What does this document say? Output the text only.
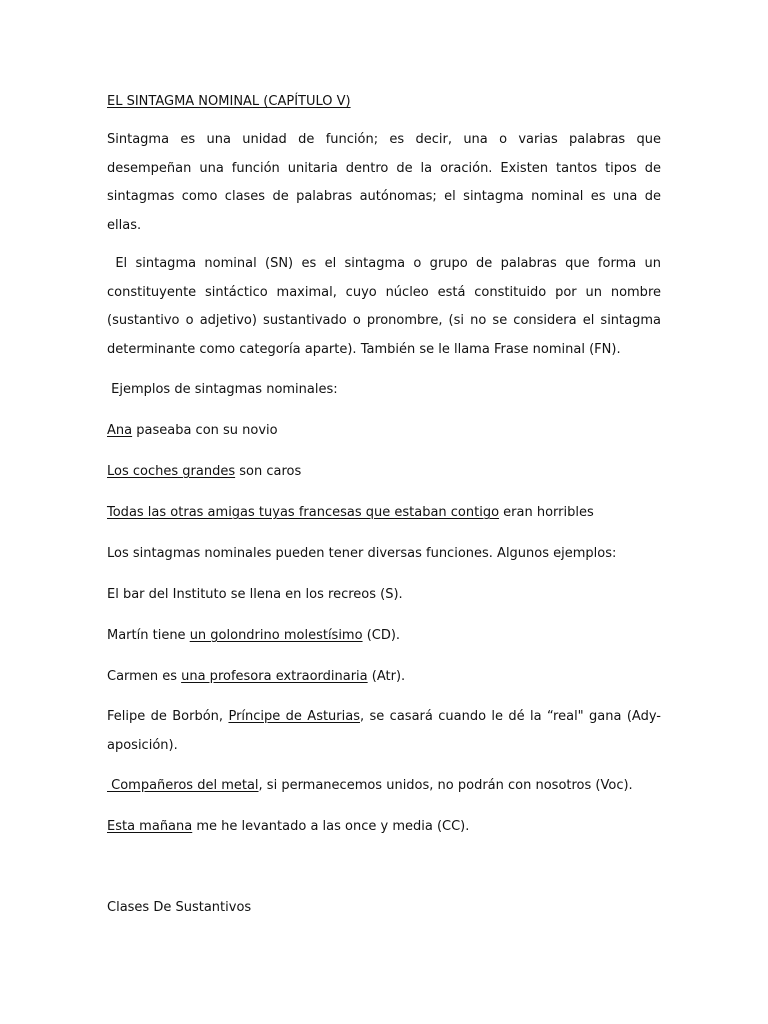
EL SINTAGMA NOMINAL (CAPÍTULO V)

Sintagma es una unidad de función; es decir, una o varias palabras que desempeñan una función unitaria dentro de la oración. Existen tantos tipos de sintagmas como clases de palabras autónomas; el sintagma nominal es una de ellas.

El sintagma nominal (SN) es el sintagma o grupo de palabras que forma un constituyente sintáctico maximal, cuyo núcleo está constituido por un nombre (sustantivo o adjetivo) sustantivado o pronombre, (si no se considera el sintagma determinante como categoría aparte). También se le llama Frase nominal (FN).

Ejemplos de sintagmas nominales:

Ana paseaba con su novio

Los coches grandes son caros

Todas las otras amigas tuyas francesas que estaban contigo eran horribles

Los sintagmas nominales pueden tener diversas funciones. Algunos ejemplos:

El bar del Instituto se llena en los recreos (S).

Martín tiene un golondrino molestísimo (CD).

Carmen es una profesora extraordinaria (Atr).

Felipe de Borbón, Príncipe de Asturias, se casará cuando le dé la “real" gana (Ady-aposición).

Compañeros del metal, si permanecemos unidos, no podrán con nosotros (Voc).

Esta mañana me he levantado a las once y media (CC).

Clases De Sustantivos
